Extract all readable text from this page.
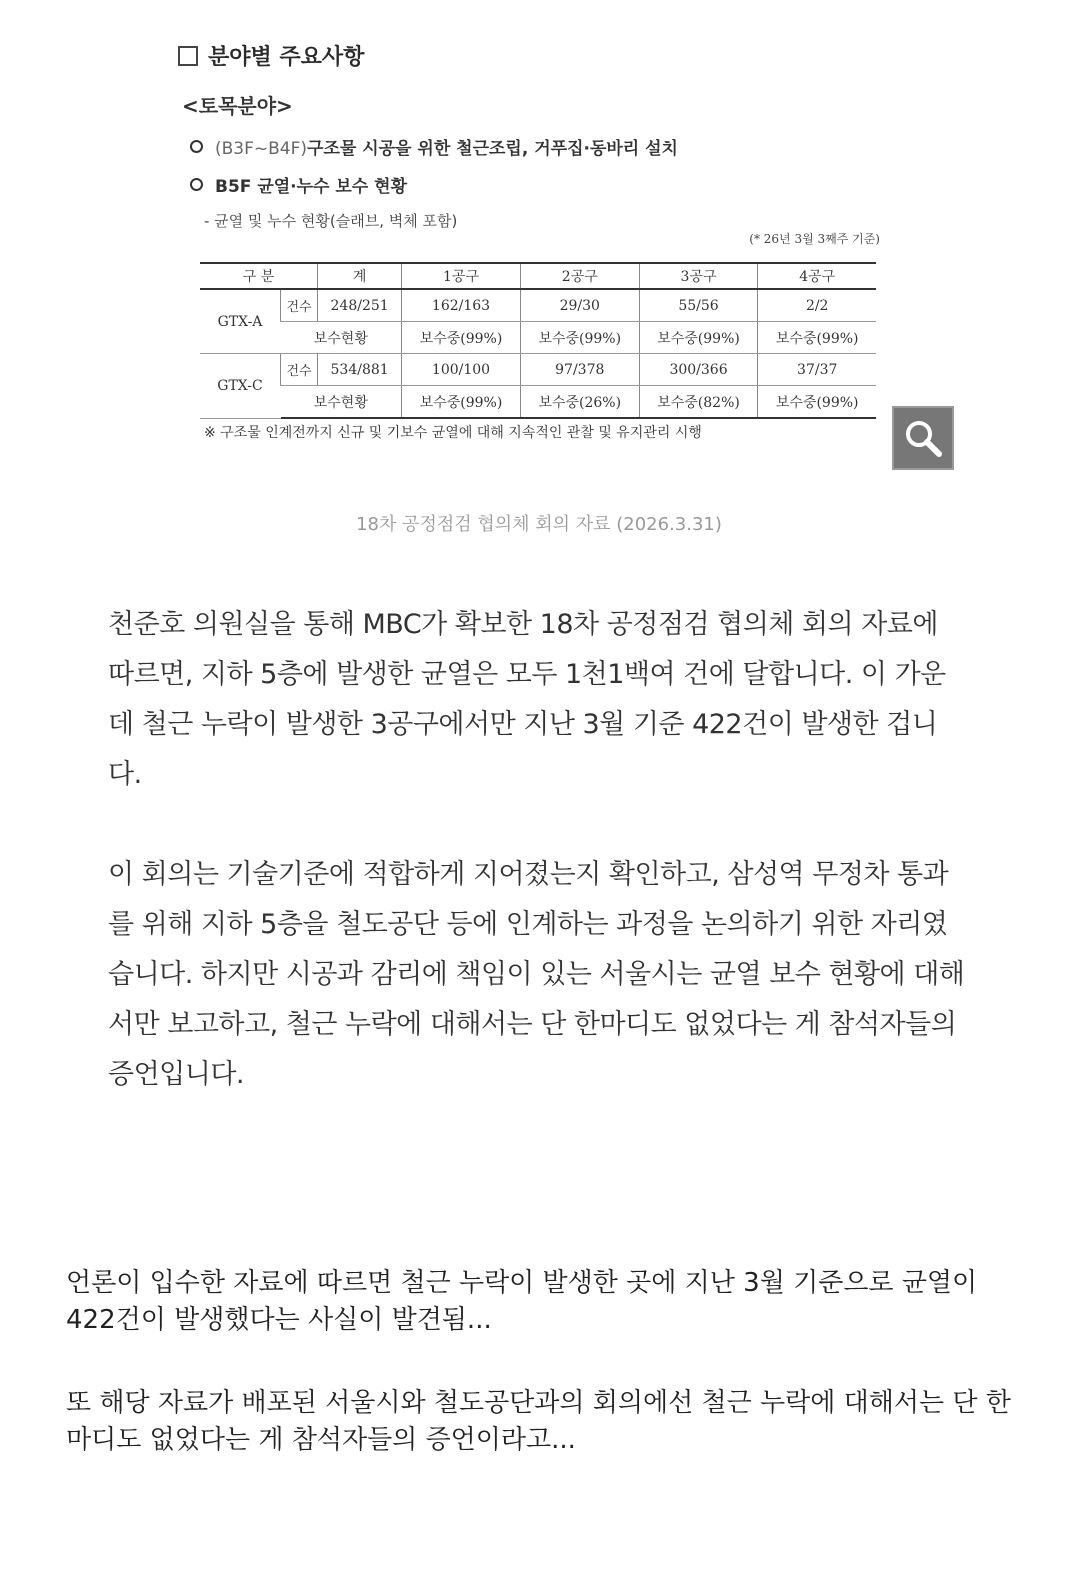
분야별 주요사항
<토목분야>
(B3F~B4F)구조물 시공을 위한 철근조립, 거푸집·동바리 설치
B5F 균열·누수 보수 현황
- 균열 및 누수 현황(슬래브, 벽체 포함)
(* 26년 3월 3째주 기준)
구 분		계	1공구	2공구	3공구	4공구
GTX-A	건수	248/251	162/163	29/30	55/56	2/2
	보수현황		보수중(99%)	보수중(99%)	보수중(99%)	보수중(99%)
GTX-C	건수	534/881	100/100	97/378	300/366	37/37
	보수현황		보수중(99%)	보수중(26%)	보수중(82%)	보수중(99%)
※ 구조물 인계전까지 신규 및 기보수 균열에 대해 지속적인 관찰 및 유지관리 시행
18차 공정점검 협의체 회의 자료 (2026.3.31)

천준호 의원실을 통해 MBC가 확보한 18차 공정점검 협의체 회의 자료에 따르면, 지하 5층에 발생한 균열은 모두 1천1백여 건에 달합니다. 이 가운데 철근 누락이 발생한 3공구에서만 지난 3월 기준 422건이 발생한 겁니다.

이 회의는 기술기준에 적합하게 지어졌는지 확인하고, 삼성역 무정차 통과를 위해 지하 5층을 철도공단 등에 인계하는 과정을 논의하기 위한 자리였습니다. 하지만 시공과 감리에 책임이 있는 서울시는 균열 보수 현황에 대해서만 보고하고, 철근 누락에 대해서는 단 한마디도 없었다는 게 참석자들의 증언입니다.

언론이 입수한 자료에 따르면 철근 누락이 발생한 곳에 지난 3월 기준으로 균열이 422건이 발생했다는 사실이 발견됨...

또 해당 자료가 배포된 서울시와 철도공단과의 회의에선 철근 누락에 대해서는 단 한마디도 없었다는 게 참석자들의 증언이라고...
